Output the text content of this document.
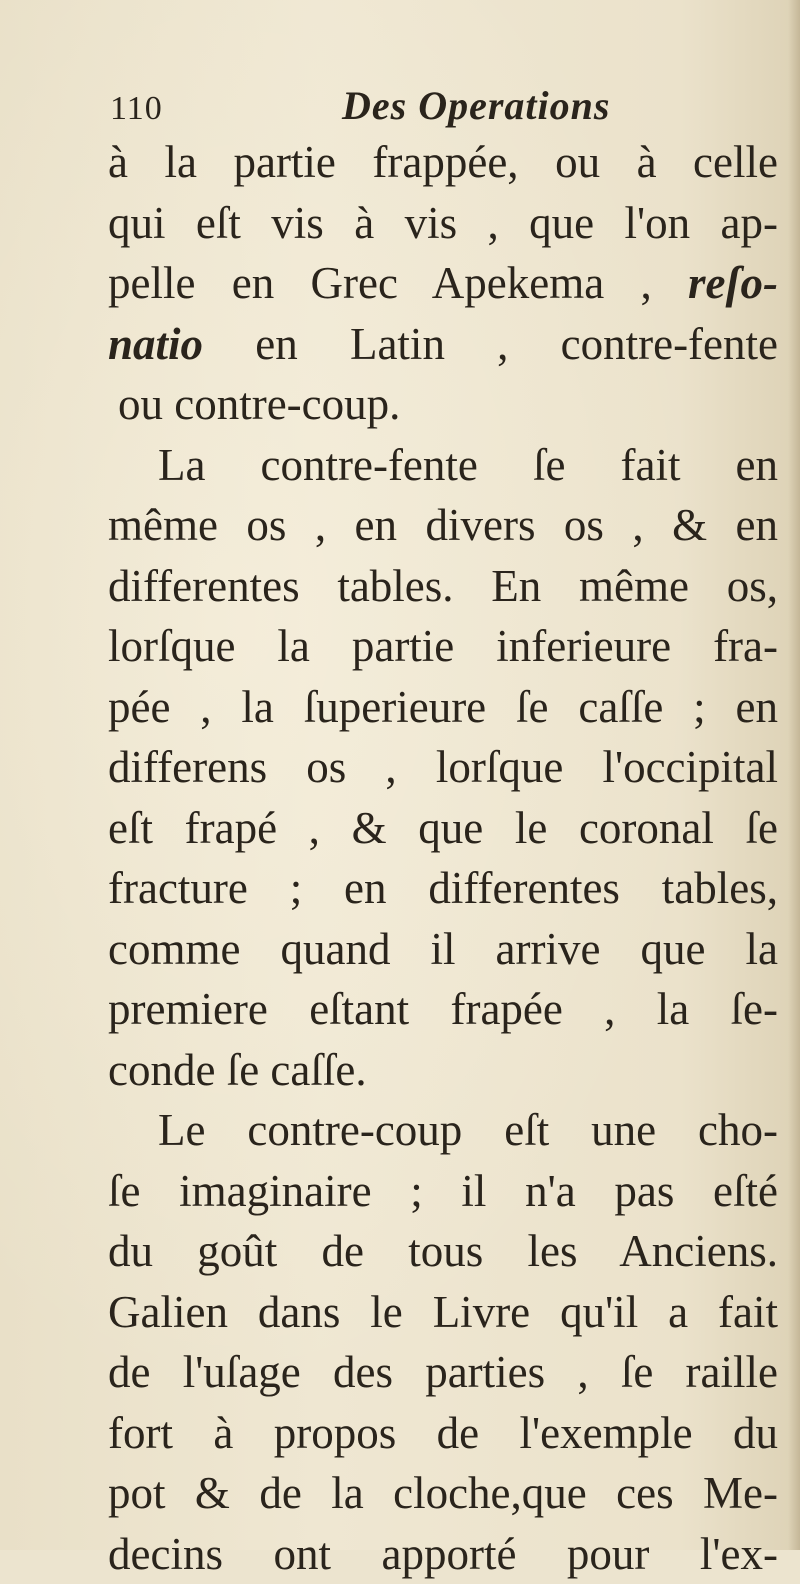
110	Des Operations
à la partie frappée, ou à celle
qui eſt vis à vis , que l'on ap-
pelle en Grec Apekema , reſo-
natio en Latin , contre-fente
ou contre-coup.
La contre-fente ſe fait en
même os , en divers os , & en
differentes tables. En même os,
lorſque la partie inferieure fra-
pée , la ſuperieure ſe caſſe ; en
differens os , lorſque l'occipital
eſt frapé , & que le coronal ſe
fracture ; en differentes tables,
comme quand il arrive que la
premiere eſtant frapée , la ſe-
conde ſe caſſe.
Le contre-coup eſt une cho-
ſe imaginaire ; il n'a pas eſté
du goût de tous les Anciens.
Galien dans le Livre qu'il a fait
de l'uſage des parties , ſe raille
fort à propos de l'exemple du
pot & de la cloche,que ces Me-
decins ont apporté pour l'ex-
